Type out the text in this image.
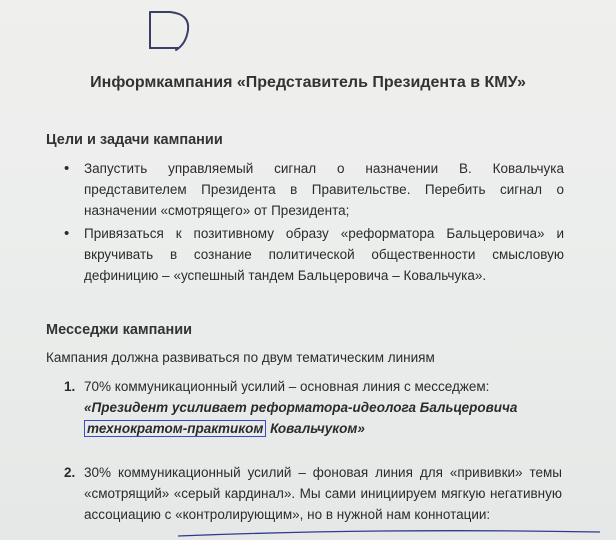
Информкампания «Представитель Президента в КМУ»
Цели и задачи кампании
• Запустить управляемый сигнал о назначении В. Ковальчука представителем Президента в Правительстве. Перебить сигнал о назначении «смотрящего» от Президента;
• Привязаться к позитивному образу «реформатора Бальцеровича» и вкручивать в сознание политической общественности смысловую дефиницию – «успешный тандем Бальцеровича – Ковальчука».
Месседжи кампании
Кампания должна развиваться по двум тематическим линиям
1. 70% коммуникационный усилий – основная линия с месседжем:
«Президент усиливает реформатора-идеолога Бальцеровича
технократом-практиком Ковальчуком»
2. 30% коммуникационный усилий – фоновая линия для «прививки» темы «смотрящий» «серый кардинал». Мы сами инициируем мягкую негативную ассоциацию с «контролирующим», но в нужной нам коннотации:
